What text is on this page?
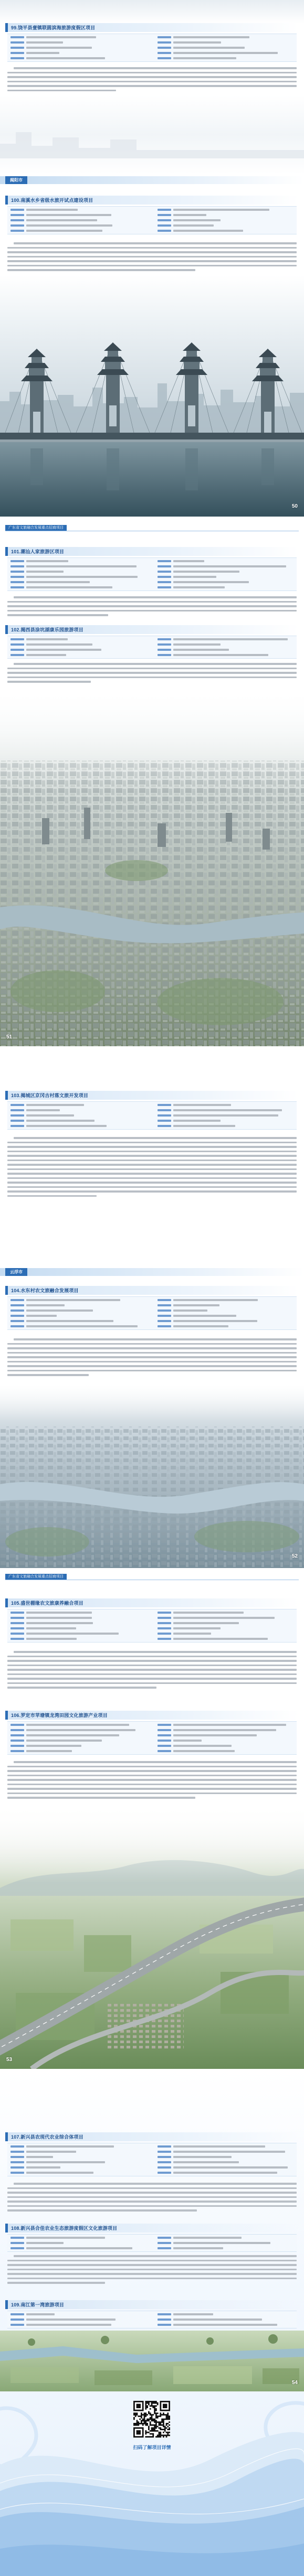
99.饶平县壹镇联圆滨海旅游度假区项目
揭阳市
100.南溪水乡省级水旅开试点建设项目
50
广东省文旅融合发展重点招商项目
101.潮汕人家旅游区项目
102.揭西县涂坑湖康乐园旅游项目
51
103.揭城区京冈古村落文旅开发项目
云浮市
104.水东村农文旅融合发展项目
52
广东省文旅融合发展重点招商项目
105.盛世棚缘农文旅康养融合项目
106.罗定市苹塘镇龙湾田园文化旅游产业项目
53
107.新兴县农现代农业综合体项目
108.新兴县合佳农业生态旅游度假区文化旅游项目
109.南江第一湾旅游项目
54
扫码了解项目详情
